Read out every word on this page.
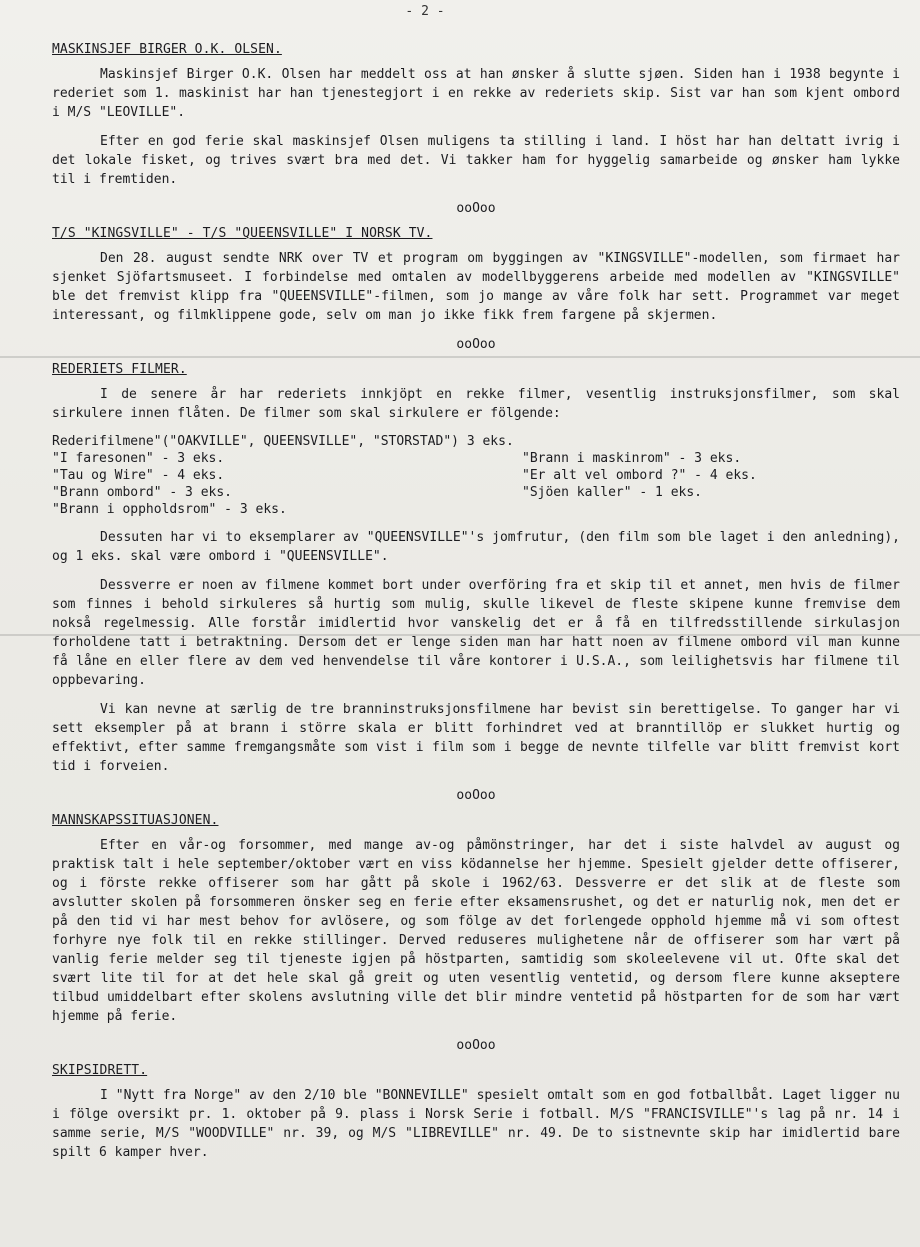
- 2 -
MASKINSJEF BIRGER O.K. OLSEN.

Maskinsjef Birger O.K. Olsen har meddelt oss at han ønsker å slutte sjøen. Siden han i 1938 begynte i rederiet som 1. maskinist har han tjenestegjort i en rekke av rederiets skip. Sist var han som kjent ombord i M/S "LEOVILLE".

Efter en god ferie skal maskinsjef Olsen muligens ta stilling i land. I höst har han deltatt ivrig i det lokale fisket, og trives svært bra med det. Vi takker ham for hyggelig samarbeide og ønsker ham lykke til i fremtiden.

ooOoo
T/S "KINGSVILLE" - T/S "QUEENSVILLE" I NORSK TV.

Den 28. august sendte NRK over TV et program om byggingen av "KINGSVILLE"-modellen, som firmaet har sjenket Sjöfartsmuseet. I forbindelse med omtalen av modellbyggerens arbeide med modellen av "KINGSVILLE" ble det fremvist klipp fra "QUEENSVILLE"-filmen, som jo mange av våre folk har sett. Programmet var meget interessant, og filmklippene gode, selv om man jo ikke fikk frem fargene på skjermen.

ooOoo
REDERIETS FILMER.

I de senere år har rederiets innkjöpt en rekke filmer, vesentlig instruksjonsfilmer, som skal sirkulere innen flåten. De filmer som skal sirkulere er fölgende:

Rederifilmene"("OAKVILLE", QUEENSVILLE", "STORSTAD") 3 eks.
"I faresonen" - 3 eks.	"Brann i maskinrom" - 3 eks.
"Tau og Wire" - 4 eks.	"Er alt vel ombord ?" - 4 eks.
"Brann ombord" - 3 eks.	"Sjöen kaller" - 1 eks.
"Brann i oppholdsrom" - 3 eks.

Dessuten har vi to eksemplarer av "QUEENSVILLE"'s jomfrutur, (den film som ble laget i den anledning), og 1 eks. skal være ombord i "QUEENSVILLE".

Dessverre er noen av filmene kommet bort under overföring fra et skip til et annet, men hvis de filmer som finnes i behold sirkuleres så hurtig som mulig, skulle likevel de fleste skipene kunne fremvise dem nokså regelmessig. Alle forstår imidlertid hvor vanskelig det er å få en tilfredsstillende sirkulasjon forholdene tatt i betraktning. Dersom det er lenge siden man har hatt noen av filmene ombord vil man kunne få låne en eller flere av dem ved henvendelse til våre kontorer i U.S.A., som leilighetsvis har filmene til oppbevaring.

Vi kan nevne at særlig de tre branninstruksjonsfilmene har bevist sin berettigelse. To ganger har vi sett eksempler på at brann i större skala er blitt forhindret ved at branntillöp er slukket hurtig og effektivt, efter samme fremgangsmåte som vist i film som i begge de nevnte tilfelle var blitt fremvist kort tid i forveien.

ooOoo
MANNSKAPSSITUASJONEN.

Efter en vår-og forsommer, med mange av-og påmönstringer, har det i siste halvdel av august og praktisk talt i hele september/oktober vært en viss ködannelse her hjemme. Spesielt gjelder dette offiserer, og i förste rekke offiserer som har gått på skole i 1962/63. Dessverre er det slik at de fleste som avslutter skolen på forsommeren önsker seg en ferie efter eksamensrushet, og det er naturlig nok, men det er på den tid vi har mest behov for avlösere, og som fölge av det forlengede opphold hjemme må vi som oftest forhyre nye folk til en rekke stillinger. Derved reduseres mulighetene når de offiserer som har vært på vanlig ferie melder seg til tjeneste igjen på höstparten, samtidig som skoleelevene vil ut. Ofte skal det svært lite til for at det hele skal gå greit og uten vesentlig ventetid, og dersom flere kunne akseptere tilbud umiddelbart efter skolens avslutning ville det blir mindre ventetid på höstparten for de som har vært hjemme på ferie.

ooOoo
SKIPSIDRETT.

I "Nytt fra Norge" av den 2/10 ble "BONNEVILLE" spesielt omtalt som en god fotballbåt. Laget ligger nu i fölge oversikt pr. 1. oktober på 9. plass i Norsk Serie i fotball. M/S "FRANCISVILLE"'s lag på nr. 14 i samme serie, M/S "WOODVILLE" nr. 39, og M/S "LIBREVILLE" nr. 49. De to sistnevnte skip har imidlertid bare spilt 6 kamper hver.
